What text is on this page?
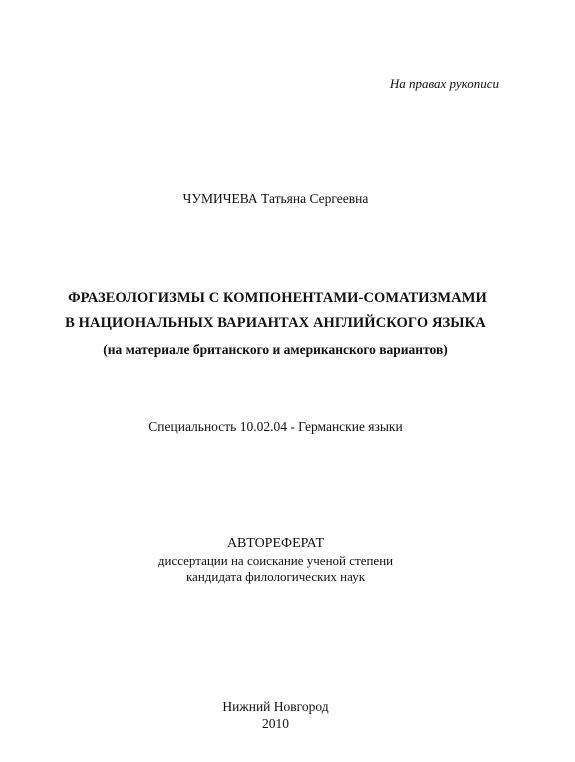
На правах рукописи
ЧУМИЧЕВА Татьяна Сергеевна
ФРАЗЕОЛОГИЗМЫ С КОМПОНЕНТАМИ-СОМАТИЗМАМИ
В НАЦИОНАЛЬНЫХ ВАРИАНТАХ АНГЛИЙСКОГО ЯЗЫКА
(на материале британского и американского вариантов)
Специальность 10.02.04 - Германские языки
АВТОРЕФЕРАТ
диссертации на соискание ученой степени
кандидата филологических наук
Нижний Новгород
2010
